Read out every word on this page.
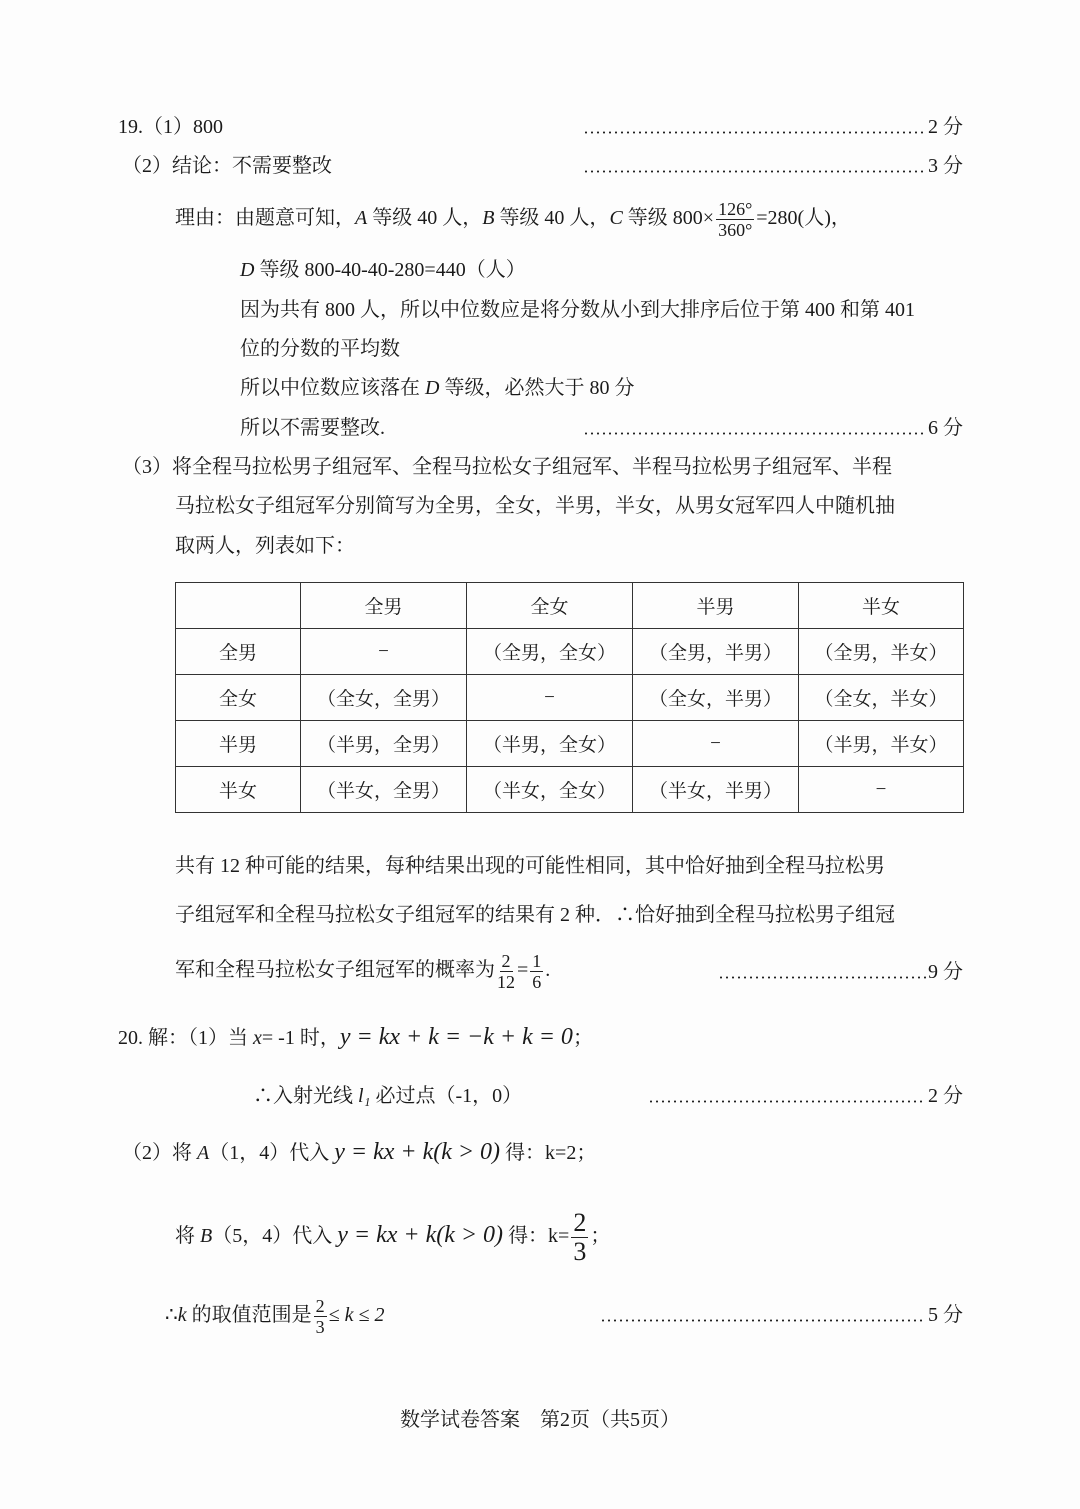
19.（1）800	2 分
（2）结论：不需要整改	3 分
理由：由题意可知，A 等级 40 人，B 等级 40 人，C 等级 $800\times \frac{126^\circ}{360^\circ} =280$(人)，
D 等级 800-40-40-280=440（人）
因为共有 800 人，所以中位数应是将分数从小到大排序后位于第 400 和第 401
位的分数的平均数
所以中位数应该落在 D 等级，必然大于 80 分
所以不需要整改.	6 分
（3）将全程马拉松男子组冠军、全程马拉松女子组冠军、半程马拉松男子组冠军、半程
马拉松女子组冠军分别简写为全男，全女，半男，半女，从男女冠军四人中随机抽
取两人，列表如下：
	全男	全女	半男	半女
全男	−	（全男，全女）	（全男，半男）	（全男，半女）
全女	（全女，全男）	−	（全女，半男）	（全女，半女）
半男	（半男，全男）	（半男，全女）	−	（半男，半女）
半女	（半女，全男）	（半女，全女）	（半女，半男）	−
共有 12 种可能的结果，每种结果出现的可能性相同，其中恰好抽到全程马拉松男
子组冠军和全程马拉松女子组冠军的结果有 2 种．∴恰好抽到全程马拉松男子组冠
军和全程马拉松女子组冠军的概率为 $\frac{2}{12} = \frac{1}{6}$ .	9 分
20. 解：（1）当 x= -1 时，y = kx + k = −k + k = 0；
∴入射光线 l₁ 必过点（-1，0）	2 分
（2）将 A（1，4）代入 y = kx + k(k > 0) 得：k=2；
将 B（5，4）代入 y = kx + k(k > 0) 得：$k= \frac{2}{3}$ ；
∴k 的取值范围是 $\frac{2}{3} \le k \le 2$	5 分
数学试卷答案　第2页（共5页）
